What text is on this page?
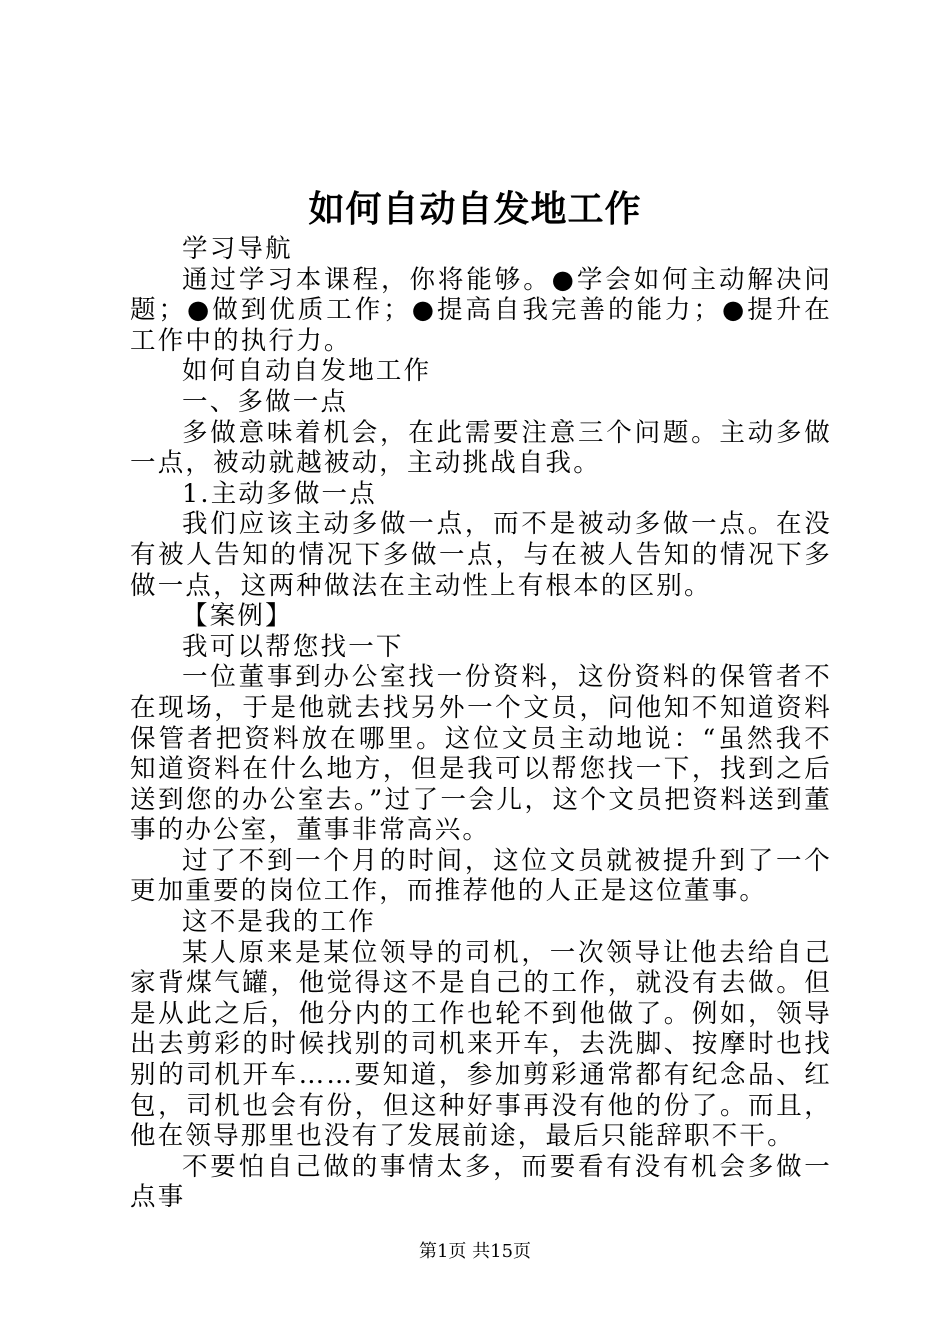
如何自动自发地工作

学习导航

通过学习本课程，你将能够。●学会如何主动解决问题；●做到优质工作；●提高自我完善的能力；●提升在工作中的执行力。

如何自动自发地工作

一、多做一点

多做意味着机会，在此需要注意三个问题。主动多做一点，被动就越被动，主动挑战自我。

1.主动多做一点

我们应该主动多做一点，而不是被动多做一点。在没有被人告知的情况下多做一点，与在被人告知的情况下多做一点，这两种做法在主动性上有根本的区别。

【案例】

我可以帮您找一下

一位董事到办公室找一份资料，这份资料的保管者不在现场，于是他就去找另外一个文员，问他知不知道资料保管者把资料放在哪里。这位文员主动地说：“虽然我不知道资料在什么地方，但是我可以帮您找一下，找到之后送到您的办公室去。”过了一会儿，这个文员把资料送到董事的办公室，董事非常高兴。

过了不到一个月的时间，这位文员就被提升到了一个更加重要的岗位工作，而推荐他的人正是这位董事。

这不是我的工作

某人原来是某位领导的司机，一次领导让他去给自己家背煤气罐，他觉得这不是自己的工作，就没有去做。但是从此之后，他分内的工作也轮不到他做了。例如，领导出去剪彩的时候找别的司机来开车，去洗脚、按摩时也找别的司机开车……要知道，参加剪彩通常都有纪念品、红包，司机也会有份，但这种好事再没有他的份了。而且，他在领导那里也没有了发展前途，最后只能辞职不干。

不要怕自己做的事情太多，而要看有没有机会多做一点事

第1页 共15页
